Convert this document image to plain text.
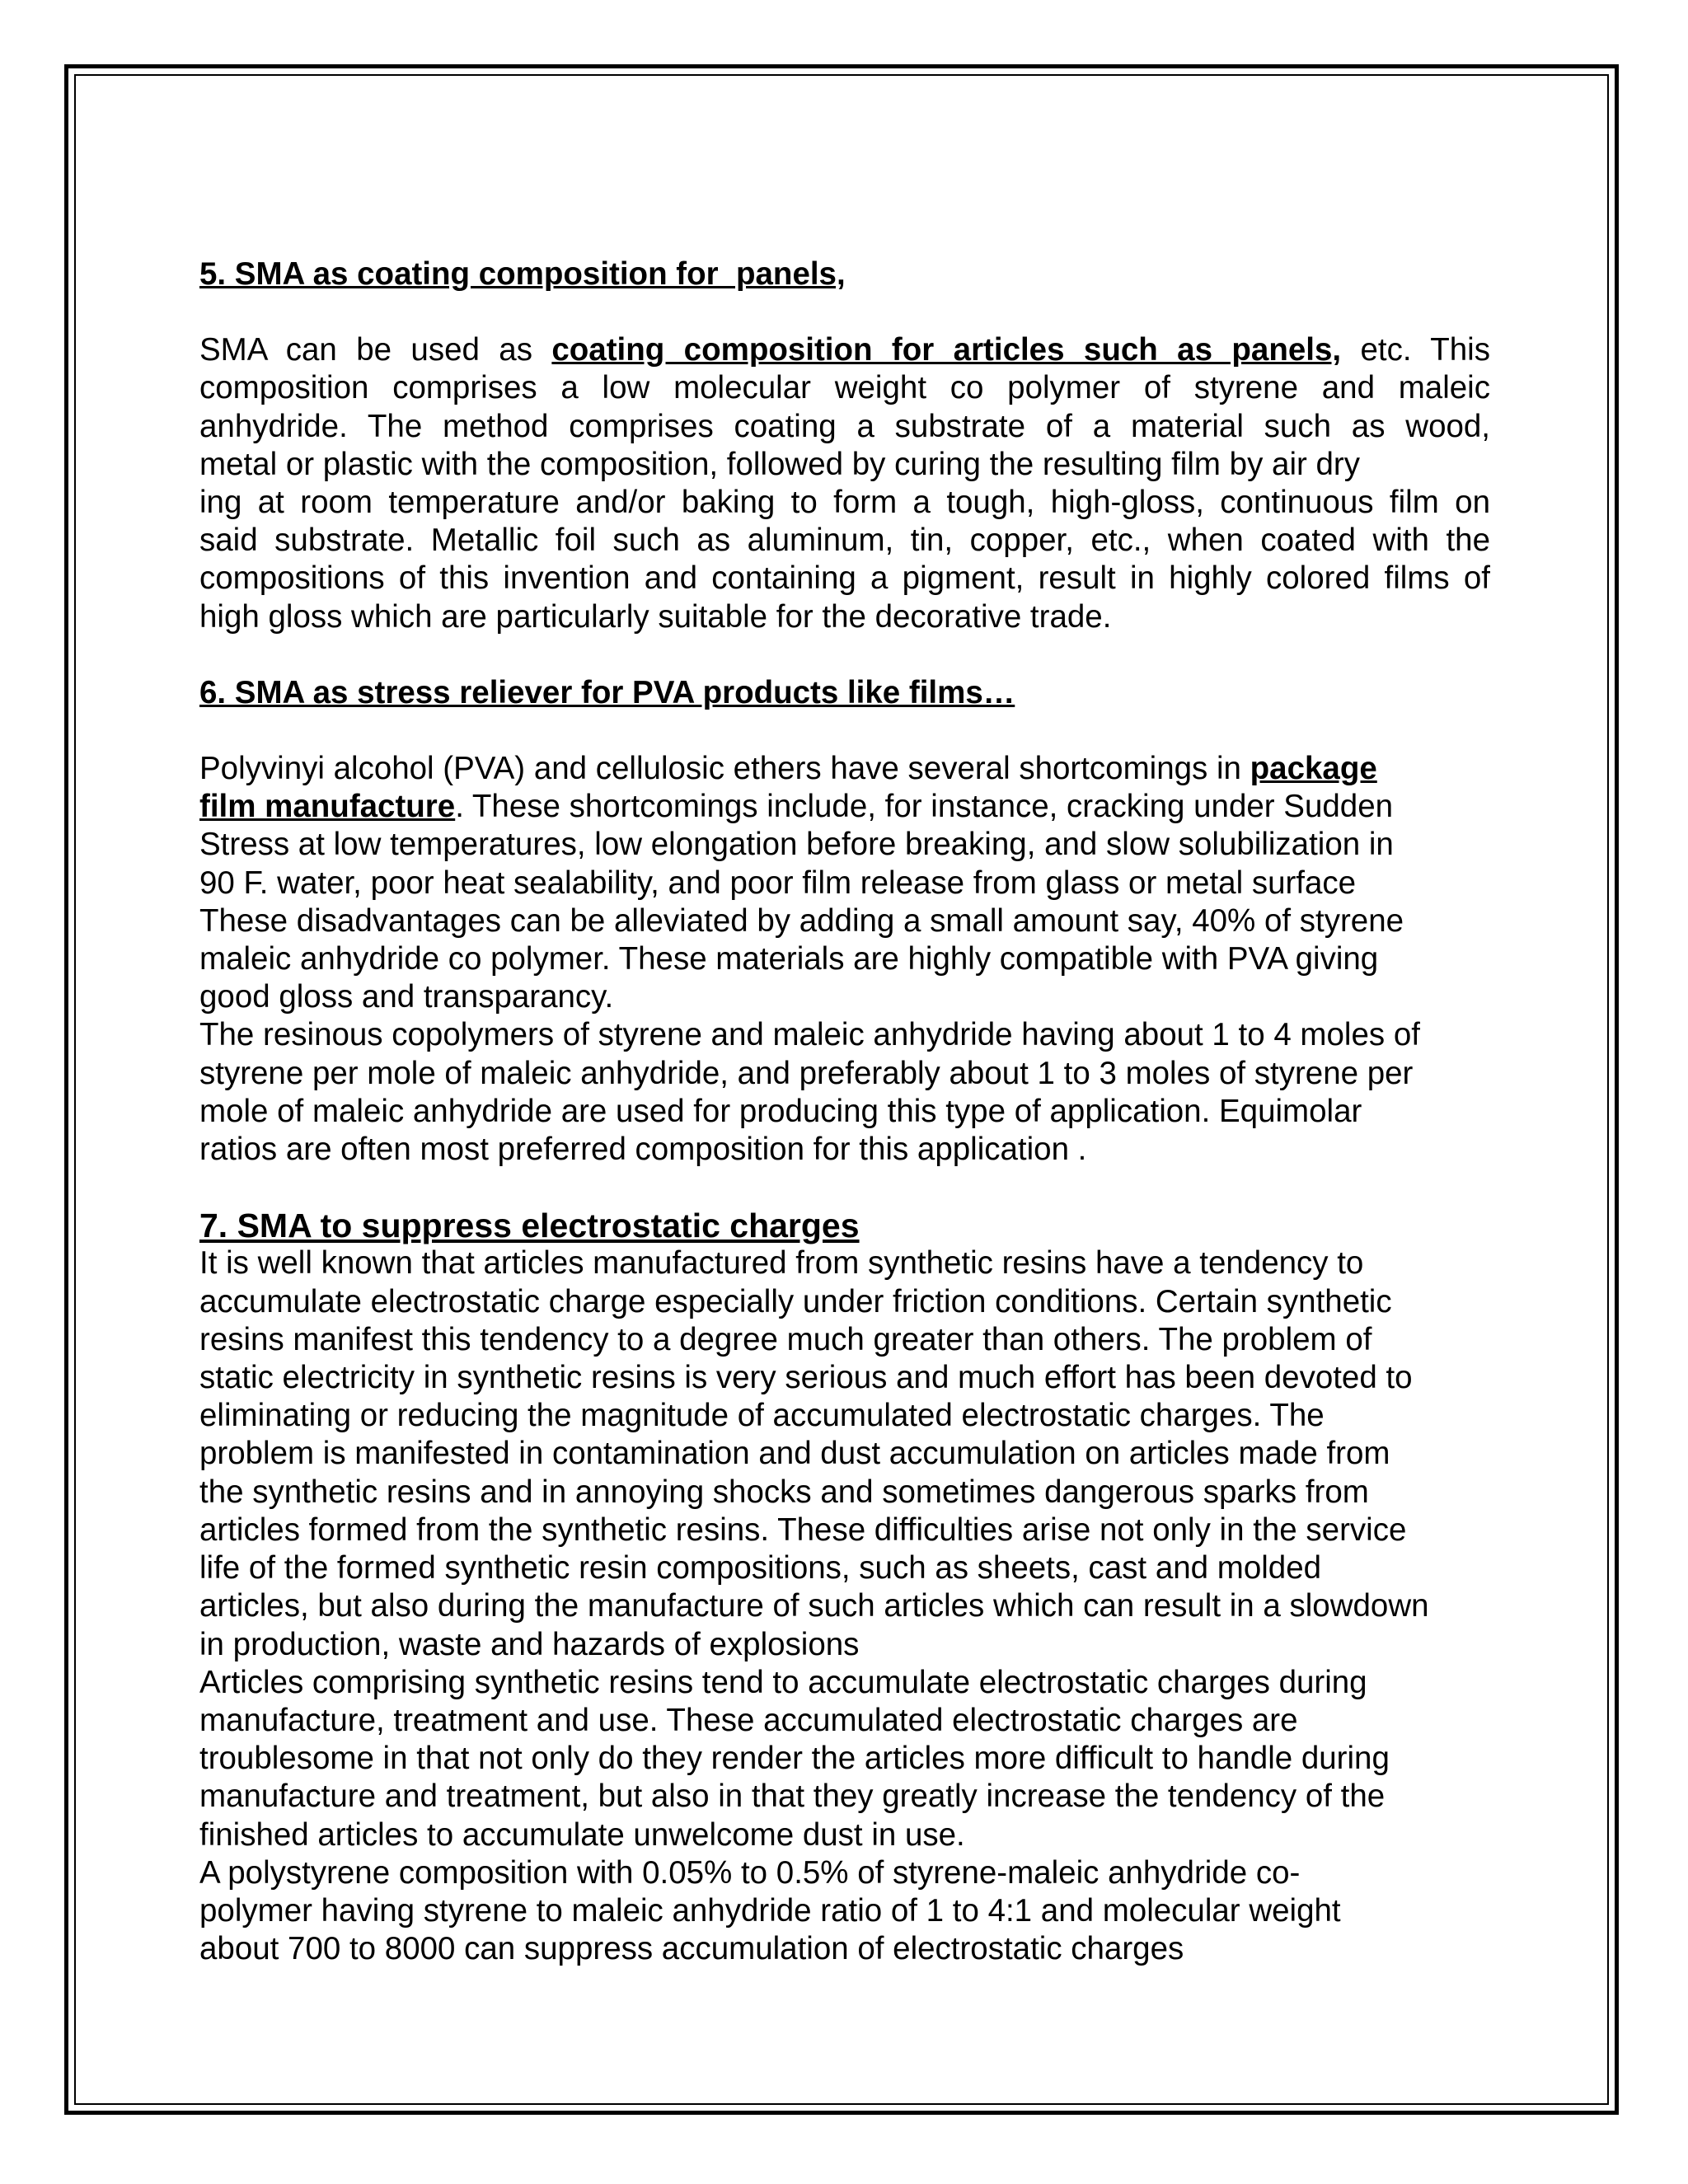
5. SMA as coating composition for  panels,

SMA can be used as coating composition for articles such as panels, etc. This
composition comprises a low molecular weight co polymer of styrene and maleic
anhydride. The method comprises coating a substrate of a material such as wood,
metal or plastic with the composition, followed by curing the resulting film by air dry
ing at room temperature and/or baking to form a tough, high-gloss, continuous film on
said substrate. Metallic foil such as aluminum, tin, copper, etc., when coated with the
compositions of this invention and containing a pigment, result in highly colored films of
high gloss which are particularly suitable for the decorative trade.

6. SMA as stress reliever for PVA products like films…

Polyvinyi alcohol (PVA) and cellulosic ethers have several shortcomings in package
film manufacture. These shortcomings include, for instance, cracking under Sudden
Stress at low temperatures, low elongation before breaking, and slow solubilization in
90 F. water, poor heat sealability, and poor film release from glass or metal surface
These disadvantages can be alleviated by adding a small amount say, 40% of styrene
maleic anhydride co polymer. These materials are highly compatible with PVA giving
good gloss and transparancy.

The resinous copolymers of styrene and maleic anhydride having about 1 to 4 moles of
styrene per mole of maleic anhydride, and preferably about 1 to 3 moles of styrene per
mole of maleic anhydride are used for producing this type of application. Equimolar
ratios are often most preferred composition for this application .

7. SMA to suppress electrostatic charges

It is well known that articles manufactured from synthetic resins have a tendency to
accumulate electrostatic charge especially under friction conditions. Certain synthetic
resins manifest this tendency to a degree much greater than others. The problem of
static electricity in synthetic resins is very serious and much effort has been devoted to
eliminating or reducing the magnitude of accumulated electrostatic charges. The
problem is manifested in contamination and dust accumulation on articles made from
the synthetic resins and in annoying shocks and sometimes dangerous sparks from
articles formed from the synthetic resins. These difficulties arise not only in the service
life of the formed synthetic resin compositions, such as sheets, cast and molded
articles, but also during the manufacture of such articles which can result in a slowdown
in production, waste and hazards of explosions

Articles comprising synthetic resins tend to accumulate electrostatic charges during
manufacture, treatment and use. These accumulated electrostatic charges are
troublesome in that not only do they render the articles more difficult to handle during
manufacture and treatment, but also in that they greatly increase the tendency of the
finished articles to accumulate unwelcome dust in use.

A polystyrene composition with 0.05% to 0.5% of styrene-maleic anhydride co-
polymer having styrene to maleic anhydride ratio of 1 to 4:1 and molecular weight
about 700 to 8000 can suppress accumulation of electrostatic charges
